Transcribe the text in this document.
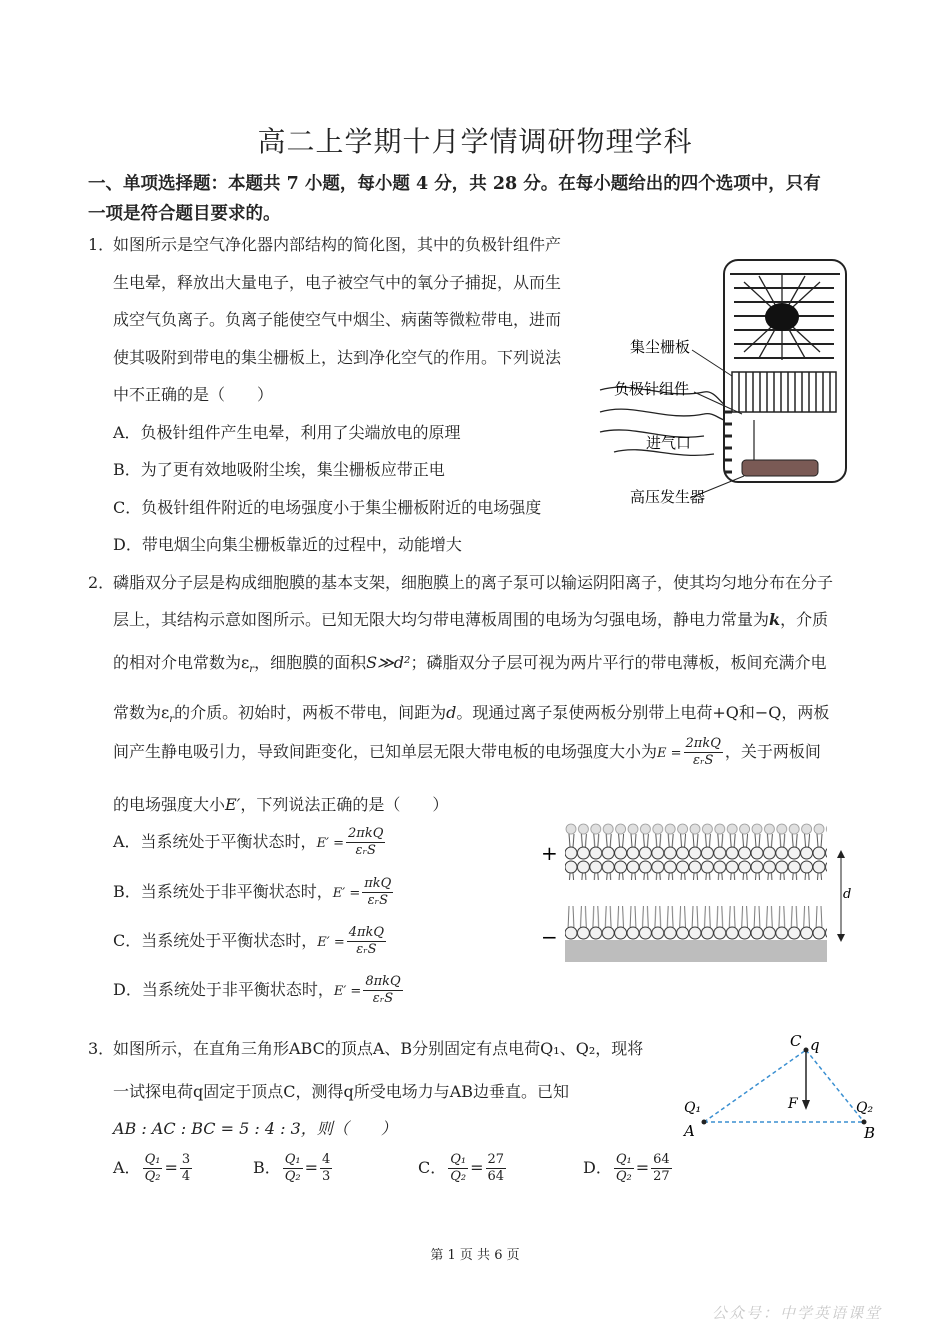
高二上学期十月学情调研物理学科
一、单项选择题：本题共 7 小题，每小题 4 分，共 28 分。在每小题给出的四个选项中，只有
一项是符合题目要求的。
1．
如图所示是空气净化器内部结构的简化图，其中的负极针组件产
生电晕，释放出大量电子，电子被空气中的氧分子捕捉，从而生
成空气负离子。负离子能使空气中烟尘、病菌等微粒带电，进而
使其吸附到带电的集尘栅板上，达到净化空气的作用。下列说法
中不正确的是（　　）
A．负极针组件产生电晕，利用了尖端放电的原理
B．为了更有效地吸附尘埃，集尘栅板应带正电
C．负极针组件附近的电场强度小于集尘栅板附近的电场强度
D．带电烟尘向集尘栅板靠近的过程中，动能增大
集尘栅板
负极针组件
进气口
高压发生器
2．
磷脂双分子层是构成细胞膜的基本支架，细胞膜上的离子泵可以输运阴阳离子，使其均匀地分布在分子
层上，其结构示意如图所示。已知无限大均匀带电薄板周围的电场为匀强电场，静电力常量为k，介质
的相对介电常数为$\varepsilon_r$，细胞膜的面积S≫d²；磷脂双分子层可视为两片平行的带电薄板，板间充满介电
常数为$\varepsilon_r$的介质。初始时，两板不带电，间距为d。现通过离子泵使两板分别带上电荷+Q和−Q，两板
间产生静电吸引力，导致间距变化，已知单层无限大带电板的电场强度大小为$E = \frac{\text{2πkQ}}{\text{εᵣS}}$ ，关于两板间
的电场强度大小E′，下列说法正确的是（　　）
A．当系统处于平衡状态时，$E' = \frac{\text{2πkQ}}{\text{εᵣS}}$
B．当系统处于非平衡状态时，$E' = \frac{\text{πkQ}}{\text{εᵣS}}$
C．当系统处于平衡状态时，$E' = \frac{\text{4πkQ}}{\text{εᵣS}}$
D．当系统处于非平衡状态时，$E' = \frac{\text{8πkQ}}{\text{εᵣS}}$
+
−
d
3．
如图所示，在直角三角形ABC的顶点A、B分别固定有点电荷Q₁、Q₂，现将
一试探电荷q固定于顶点C，测得q所受电场力与AB边垂直。已知
AB : AC : BC = 5 : 4 : 3，则（　　）
A． $\frac{\text{Q₁}}{\text{Q₂}} = \frac{3}{4}$	B． $\frac{\text{Q₁}}{\text{Q₂}} = \frac{4}{3}$	C． $\frac{\text{Q₁}}{\text{Q₂}} = \frac{27}{64}$	D． $\frac{\text{Q₁}}{\text{Q₂}} = \frac{64}{27}$
C q
F
Q₁	Q₂
A	B
第 1 页 共 6 页
公众号：中学英语课堂
